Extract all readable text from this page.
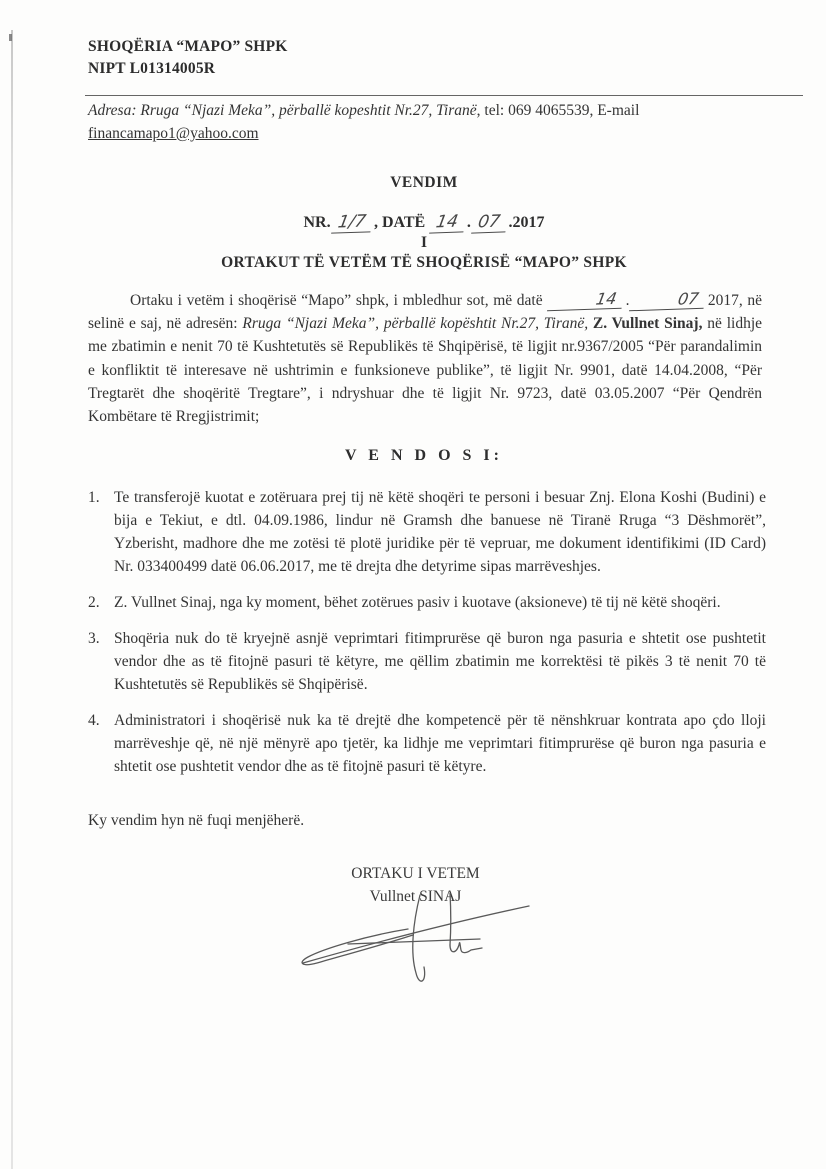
SHOQËRIA “MAPO” SHPK
NIPT L01314005R
Adresa: Rruga “Njazi Meka”, përballë kopeshtit Nr.27, Tiranë, tel: 069 4065539, E-mail
financamapo1@yahoo.com
VENDIM
NR. 1/7 , DATË 14 . 07 .2017
I
ORTAKUT TË VETËM TË SHOQËRISË “MAPO” SHPK

Ortaku i vetëm i shoqërisë “Mapo” shpk, i mbledhur sot, më datë	14 .	07 2017, në selinë e saj, në adresën: Rruga “Njazi Meka”, përballë kopështit Nr.27, Tiranë, Z. Vullnet Sinaj, në lidhje me zbatimin e nenit 70 të Kushtetutës së Republikës të Shqipërisë, të ligjit nr.9367/2005 “Për parandalimin e konfliktit të interesave në ushtrimin e funksioneve publike”, të ligjit Nr. 9901, datë 14.04.2008, “Për Tregtarët dhe shoqëritë Tregtare”, i ndryshuar dhe të ligjit Nr. 9723, datë 03.05.2007 “Për Qendrën Kombëtare të Rregjistrimit;

V E N D O S I:
1. Te transferojë kuotat e zotëruara prej tij në këtë shoqëri te personi i besuar Znj. Elona Koshi (Budini) e bija e Tekiut, e dtl. 04.09.1986, lindur në Gramsh dhe banuese në Tiranë Rruga “3 Dëshmorët”, Yzberisht, madhore dhe me zotësi të plotë juridike për të vepruar, me dokument identifikimi (ID Card) Nr. 033400499 datë 06.06.2017, me të drejta dhe detyrime sipas marrëveshjes.
2. Z. Vullnet Sinaj, nga ky moment, bëhet zotërues pasiv i kuotave (aksioneve) të tij në këtë shoqëri.
3. Shoqëria nuk do të kryejnë asnjë veprimtari fitimprurëse që buron nga pasuria e shtetit ose pushtetit vendor dhe as të fitojnë pasuri të këtyre, me qëllim zbatimin me korrektësi të pikës 3 të nenit 70 të Kushtetutës së Republikës së Shqipërisë.
4. Administratori i shoqërisë nuk ka të drejtë dhe kompetencë për të nënshkruar kontrata apo çdo lloji marrëveshje që, në një mënyrë apo tjetër, ka lidhje me veprimtari fitimprurëse që buron nga pasuria e shtetit ose pushtetit vendor dhe as të fitojnë pasuri të këtyre.

Ky vendim hyn në fuqi menjëherë.

ORTAKU I VETEM
Vullnet SINAJ
